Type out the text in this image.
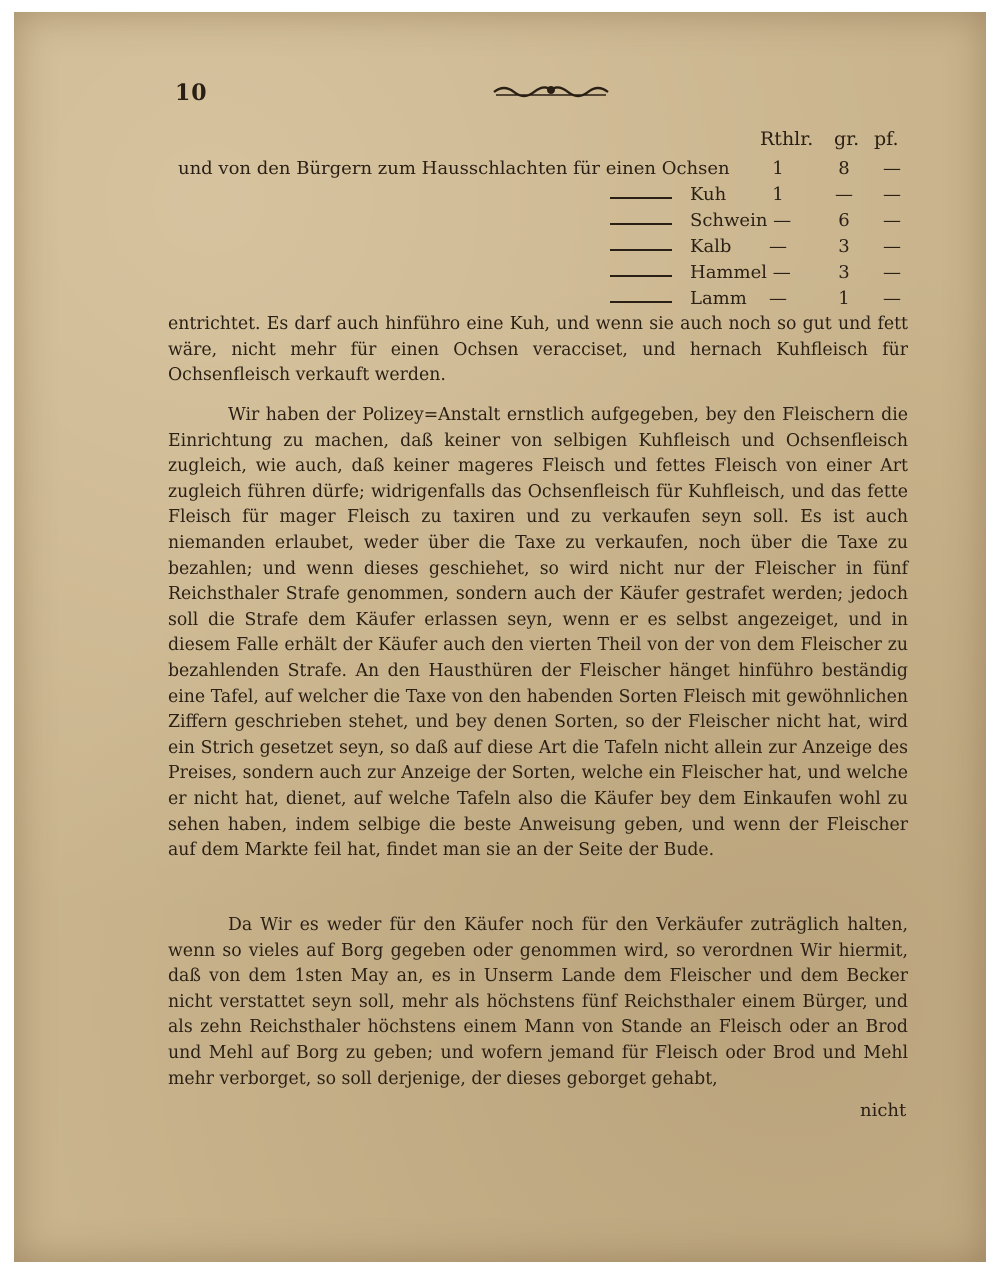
10
Rthlr. gr. pf.
und von den Bürgern zum Hausschlachten für einen Ochsen	1	8	—
Kuh	1	—	—
Schwein —	6	—
Kalb	—	3	—
Hammel —	3	—
Lamm	—	1	—
entrichtet. Es darf auch hinführo eine Kuh, und wenn sie auch noch so gut und fett wäre, nicht mehr für einen Ochsen veracciset, und hernach Kuhfleisch für Ochsenfleisch verkauft werden.
Wir haben der Polizey=Anstalt ernstlich aufgegeben, bey den Fleischern die Einrichtung zu machen, daß keiner von selbigen Kuhfleisch und Ochsenfleisch zugleich, wie auch, daß keiner mageres Fleisch und fettes Fleisch von einer Art zugleich führen dürfe; widrigenfalls das Ochsenfleisch für Kuhfleisch, und das fette Fleisch für mager Fleisch zu taxiren und zu verkaufen seyn soll. Es ist auch niemanden erlaubet, weder über die Taxe zu verkaufen, noch über die Taxe zu bezahlen; und wenn dieses geschiehet, so wird nicht nur der Fleischer in fünf Reichsthaler Strafe genommen, sondern auch der Käufer gestrafet werden; jedoch soll die Strafe dem Käufer erlassen seyn, wenn er es selbst angezeiget, und in diesem Falle erhält der Käufer auch den vierten Theil von der von dem Fleischer zu bezahlenden Strafe. An den Hausthüren der Fleischer hänget hinführo beständig eine Tafel, auf welcher die Taxe von den habenden Sorten Fleisch mit gewöhnlichen Ziffern geschrieben stehet, und bey denen Sorten, so der Fleischer nicht hat, wird ein Strich gesetzet seyn, so daß auf diese Art die Tafeln nicht allein zur Anzeige des Preises, sondern auch zur Anzeige der Sorten, welche ein Fleischer hat, und welche er nicht hat, dienet, auf welche Tafeln also die Käufer bey dem Einkaufen wohl zu sehen haben, indem selbige die beste Anweisung geben, und wenn der Fleischer auf dem Markte feil hat, findet man sie an der Seite der Bude.
Da Wir es weder für den Käufer noch für den Verkäufer zuträglich halten, wenn so vieles auf Borg gegeben oder genommen wird, so verordnen Wir hiermit, daß von dem 1sten May an, es in Unserm Lande dem Fleischer und dem Becker nicht verstattet seyn soll, mehr als höchstens fünf Reichsthaler einem Bürger, und als zehn Reichsthaler höchstens einem Mann von Stande an Fleisch oder an Brod und Mehl auf Borg zu geben; und wofern jemand für Fleisch oder Brod und Mehl mehr verborget, so soll derjenige, der dieses geborget gehabt,
nicht
